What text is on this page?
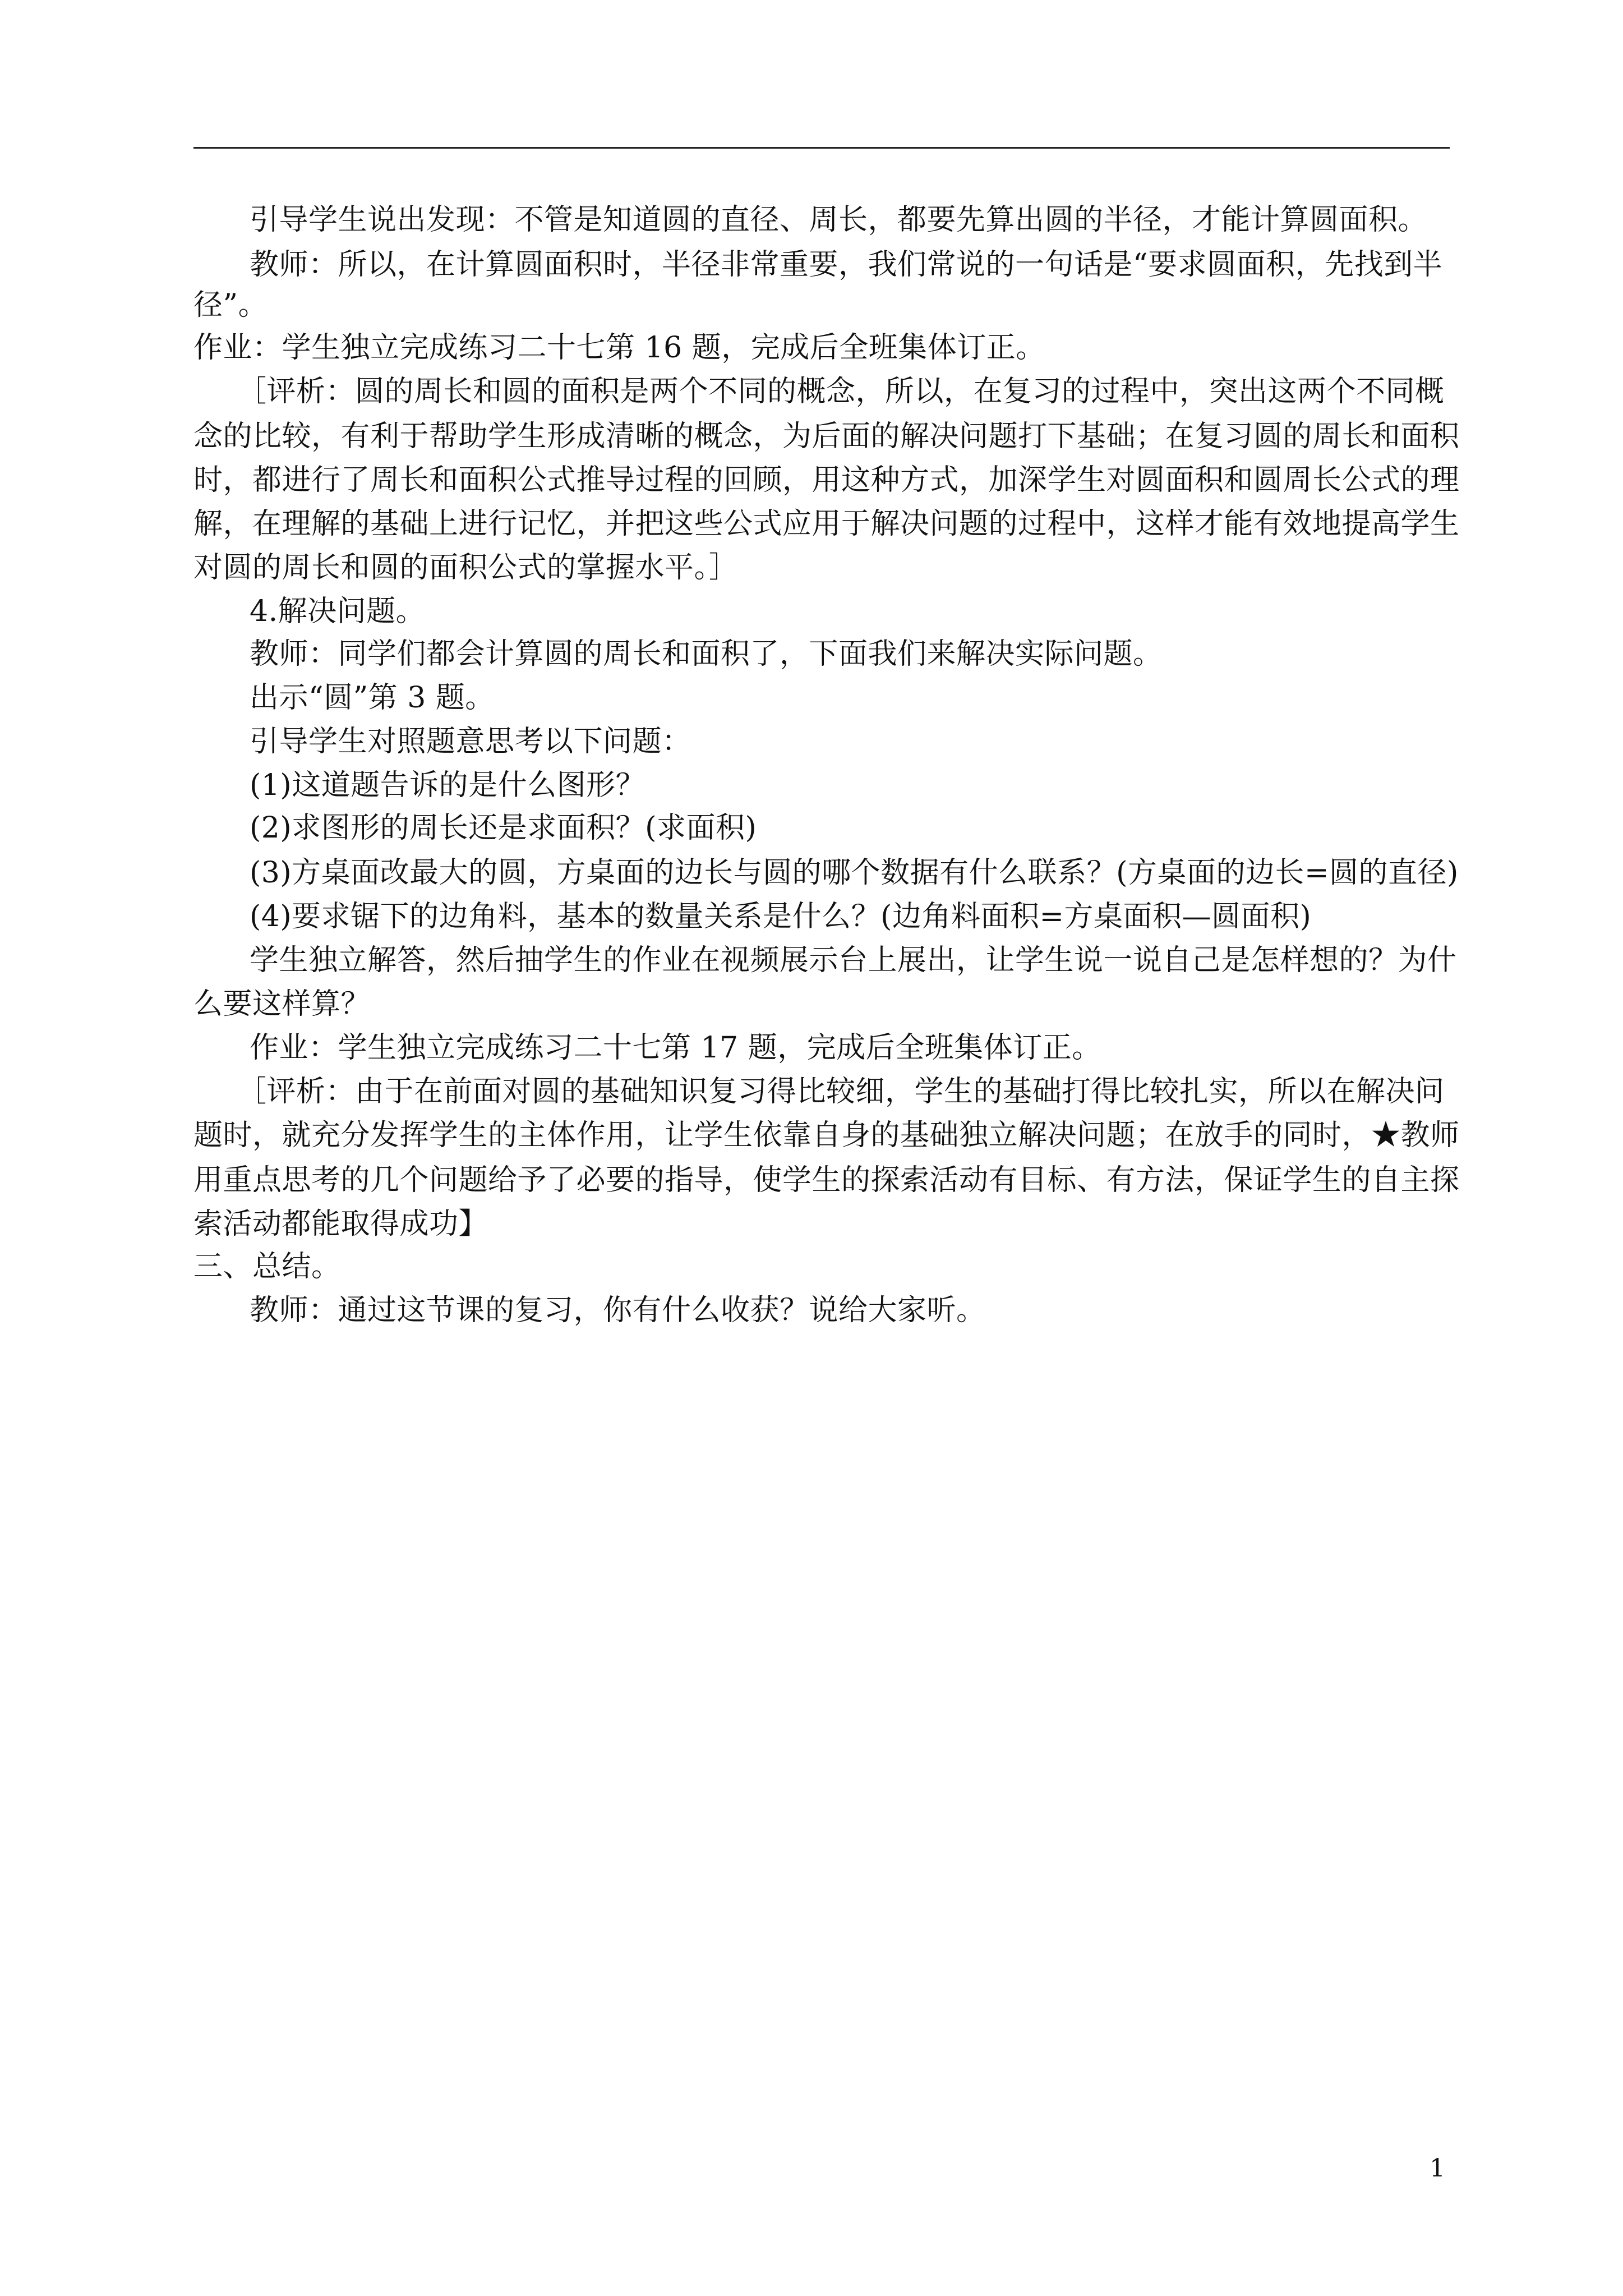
引导学生说出发现：不管是知道圆的直径、周长，都要先算出圆的半径，才能计算圆面积。
教师：所以，在计算圆面积时，半径非常重要，我们常说的一句话是“要求圆面积，先找到半
径”。
作业：学生独立完成练习二十七第 16 题，完成后全班集体订正。
［评析：圆的周长和圆的面积是两个不同的概念，所以，在复习的过程中，突出这两个不同概
念的比较，有利于帮助学生形成清晰的概念，为后面的解决问题打下基础；在复习圆的周长和面积
时，都进行了周长和面积公式推导过程的回顾，用这种方式，加深学生对圆面积和圆周长公式的理
解，在理解的基础上进行记忆，并把这些公式应用于解决问题的过程中，这样才能有效地提高学生
对圆的周长和圆的面积公式的掌握水平。］
4.解决问题。
教师：同学们都会计算圆的周长和面积了，下面我们来解决实际问题。
出示“圆”第 3 题。
引导学生对照题意思考以下问题：
(1)这道题告诉的是什么图形？
(2)求图形的周长还是求面积？(求面积)
(3)方桌面改最大的圆，方桌面的边长与圆的哪个数据有什么联系？(方桌面的边长=圆的直径)
(4)要求锯下的边角料，基本的数量关系是什么？(边角料面积=方桌面积—圆面积)
学生独立解答，然后抽学生的作业在视频展示台上展出，让学生说一说自己是怎样想的？为什
么要这样算？
作业：学生独立完成练习二十七第 17 题，完成后全班集体订正。
［评析：由于在前面对圆的基础知识复习得比较细，学生的基础打得比较扎实，所以在解决问
题时，就充分发挥学生的主体作用，让学生依靠自身的基础独立解决问题；在放手的同时，★教师
用重点思考的几个问题给予了必要的指导，使学生的探索活动有目标、有方法，保证学生的自主探
索活动都能取得成功】
三、总结。
教师：通过这节课的复习，你有什么收获？说给大家听。
1
